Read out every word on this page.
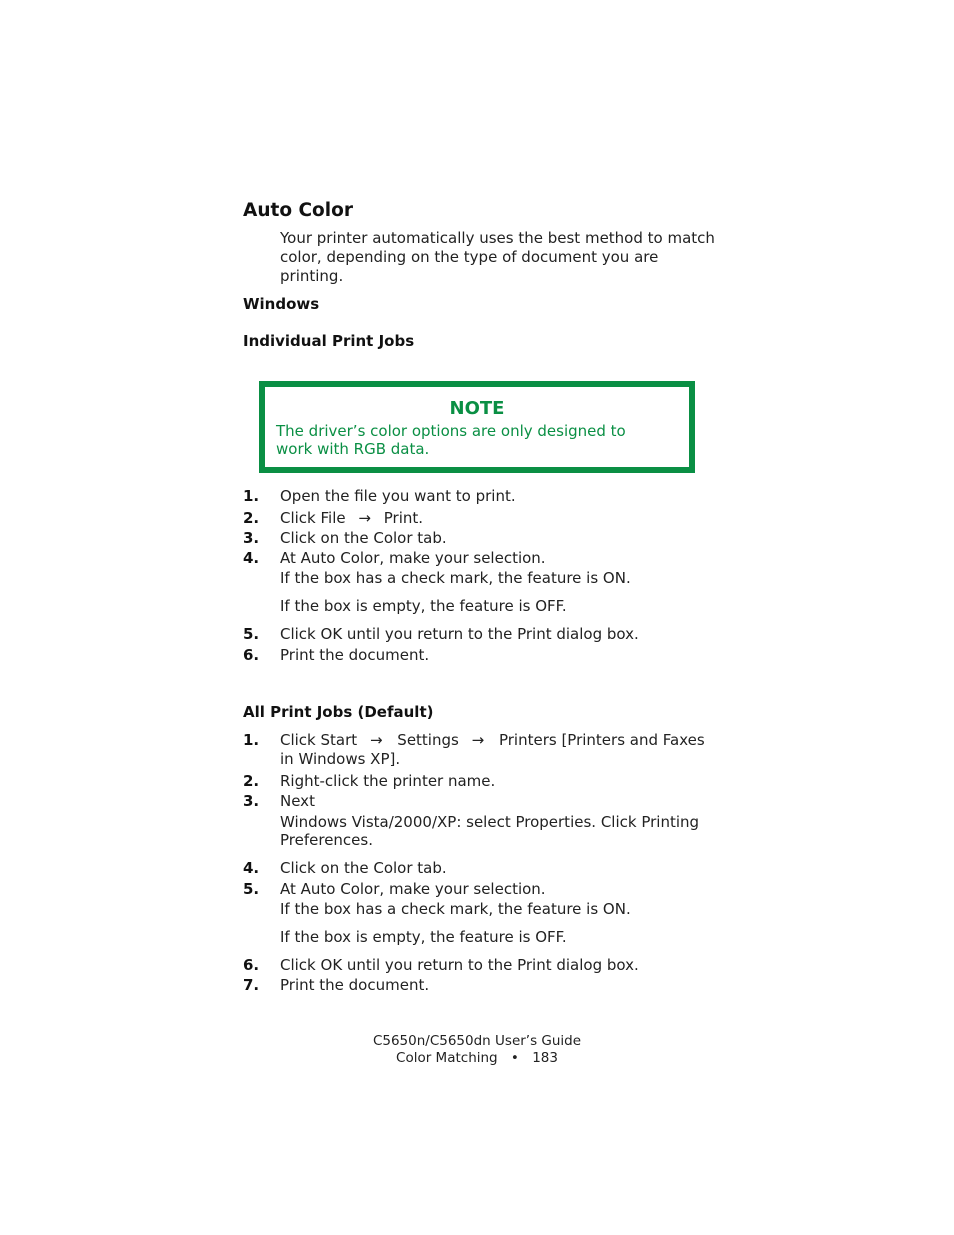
Auto Color
Your printer automatically uses the best method to match
color, depending on the type of document you are
printing.
Windows
Individual Print Jobs
NOTE
The driver’s color options are only designed to
work with RGB data.
1. Open the file you want to print.
2. Click File → Print.
3. Click on the Color tab.
4. At Auto Color, make your selection.
If the box has a check mark, the feature is ON.
If the box is empty, the feature is OFF.
5. Click OK until you return to the Print dialog box.
6. Print the document.
All Print Jobs (Default)
1. Click Start → Settings → Printers [Printers and Faxes
in Windows XP].
2. Right-click the printer name.
3. Next
Windows Vista/2000/XP: select Properties. Click Printing
Preferences.
4. Click on the Color tab.
5. At Auto Color, make your selection.
If the box has a check mark, the feature is ON.
If the box is empty, the feature is OFF.
6. Click OK until you return to the Print dialog box.
7. Print the document.
C5650n/C5650dn User’s Guide
Color Matching • 183
